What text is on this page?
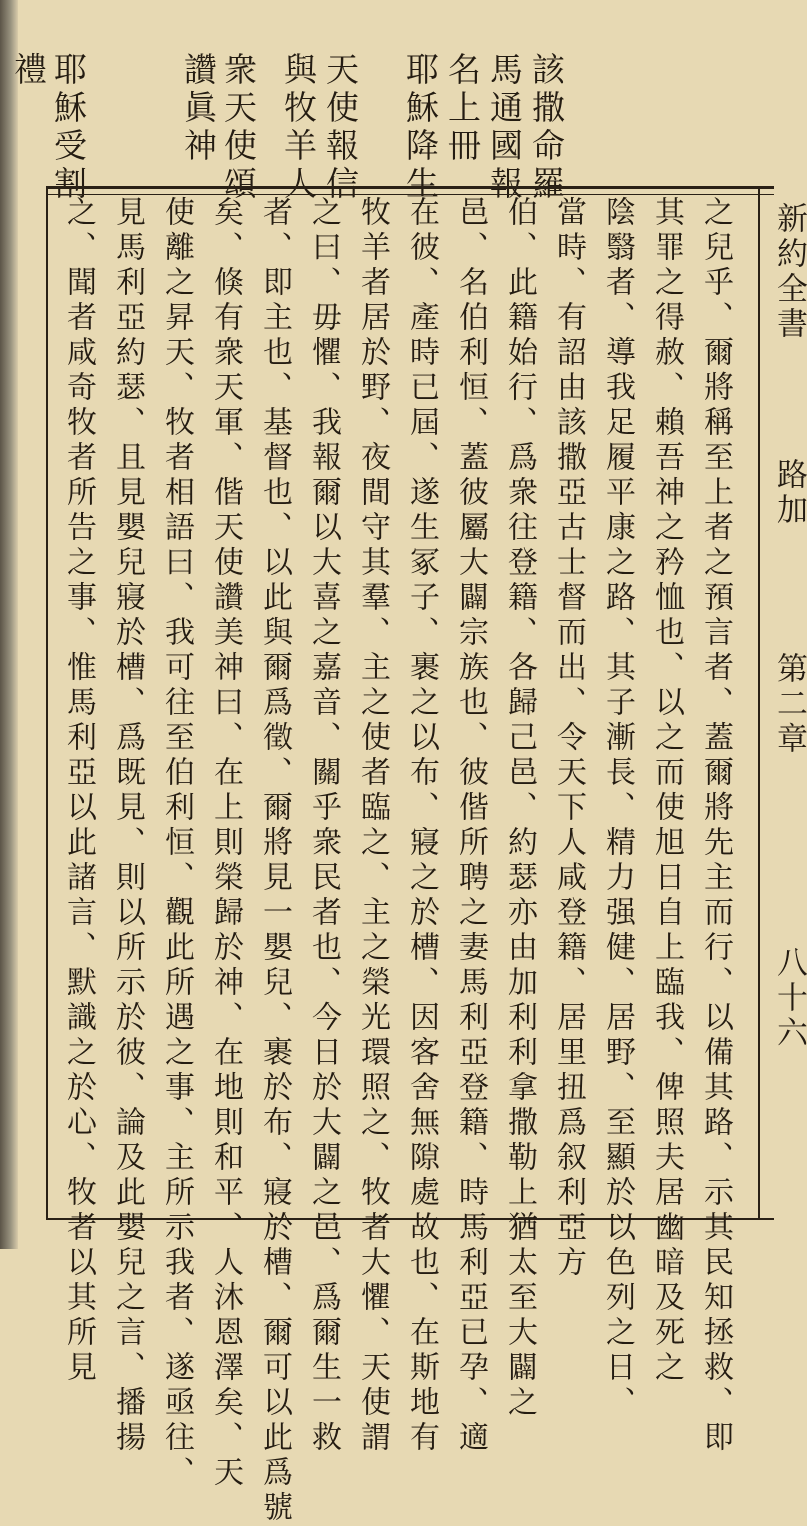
該撒命羅
馬通國報
名上冊
耶穌降生
天使報信
與牧羊人
衆天使頌
讚眞神
耶穌受割
禮
新約全書
路加
第二章
八十六
之兒乎、爾將稱至上者之預言者、蓋爾將先主而行、以備其路、示其民知拯救、即
其罪之得赦、賴吾神之矜恤也、以之而使旭日自上臨我、俾照夫居幽暗及死之
陰翳者、導我足履平康之路、其子漸長、精力强健、居野、至顯於以色列之日、
當時、有詔由該撒亞古士督而出、令天下人咸登籍、居里扭爲叙利亞方
伯、此籍始行、爲衆往登籍、各歸己邑、約瑟亦由加利利拿撒勒上猶太至大闢之
邑、名伯利恒、蓋彼屬大闢宗族也、彼偕所聘之妻馬利亞登籍、時馬利亞已孕、適
在彼、產時已屆、遂生冢子、裹之以布、寢之於槽、因客舍無隙處故也、在斯地有
牧羊者居於野、夜間守其羣、主之使者臨之、主之榮光環照之、牧者大懼、天使謂
之曰、毋懼、我報爾以大喜之嘉音、關乎衆民者也、今日於大闢之邑、爲爾生一救
者、即主也、基督也、以此與爾爲徵、爾將見一嬰兒、裹於布、寢於槽、爾可以此爲號
矣、倏有衆天軍、偕天使讚美神曰、在上則榮歸於神、在地則和平、人沐恩澤矣、天
使離之昇天、牧者相語曰、我可往至伯利恒、觀此所遇之事、主所示我者、遂亟往、
見馬利亞約瑟、且見嬰兒寢於槽、爲既見、則以所示於彼、論及此嬰兒之言、播揚
之、聞者咸奇牧者所告之事、惟馬利亞以此諸言、默識之於心、牧者以其所見
